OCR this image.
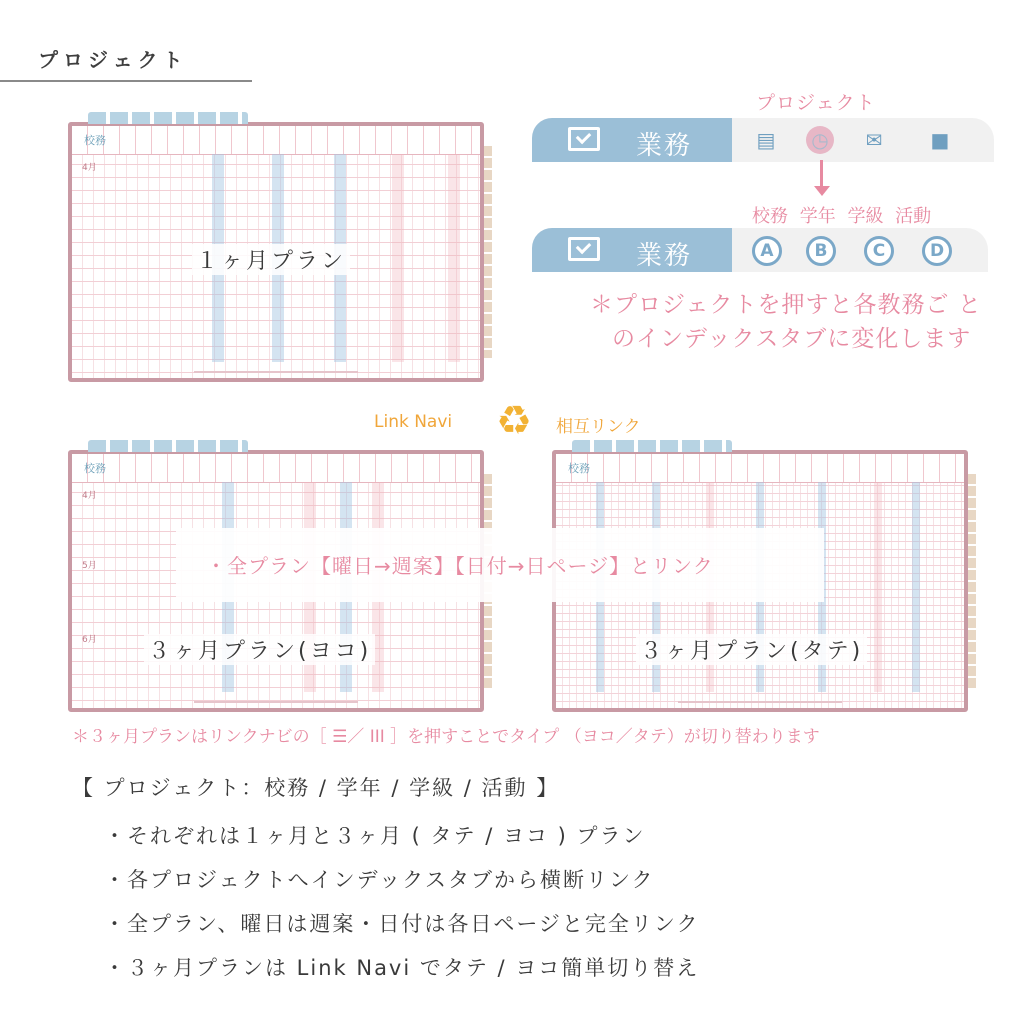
プロジェクト
校務
4月
１ヶ月プラン
プロジェクト
業務	▤ ◷ ✉ ■
校務 学年 学級 活動
業務	A	B	C	D
＊プロジェクトを押すと各教務ご と
のインデックスタブに変化します
Link Navi ♻	相互リンク
校務
4月
5月
6月
校務
・全プラン【曜日→週案】【日付→日ページ】とリンク
３ヶ月プラン(ヨコ)	３ヶ月プラン(タテ)
＊３ヶ月プランはリンクナビの［ ☰／ III ］を押すことでタイプ （ヨコ／タテ）が切り替わります
【 プロジェクト：校務 / 学年 / 学級 / 活動 】
・それぞれは１ヶ月と３ヶ月 ( タテ / ヨコ ) プラン
・各プロジェクトへインデックスタブから横断リンク
・全プラン、曜日は週案・日付は各日ページと完全リンク
・３ヶ月プランは Link Navi でタテ / ヨコ簡単切り替え
